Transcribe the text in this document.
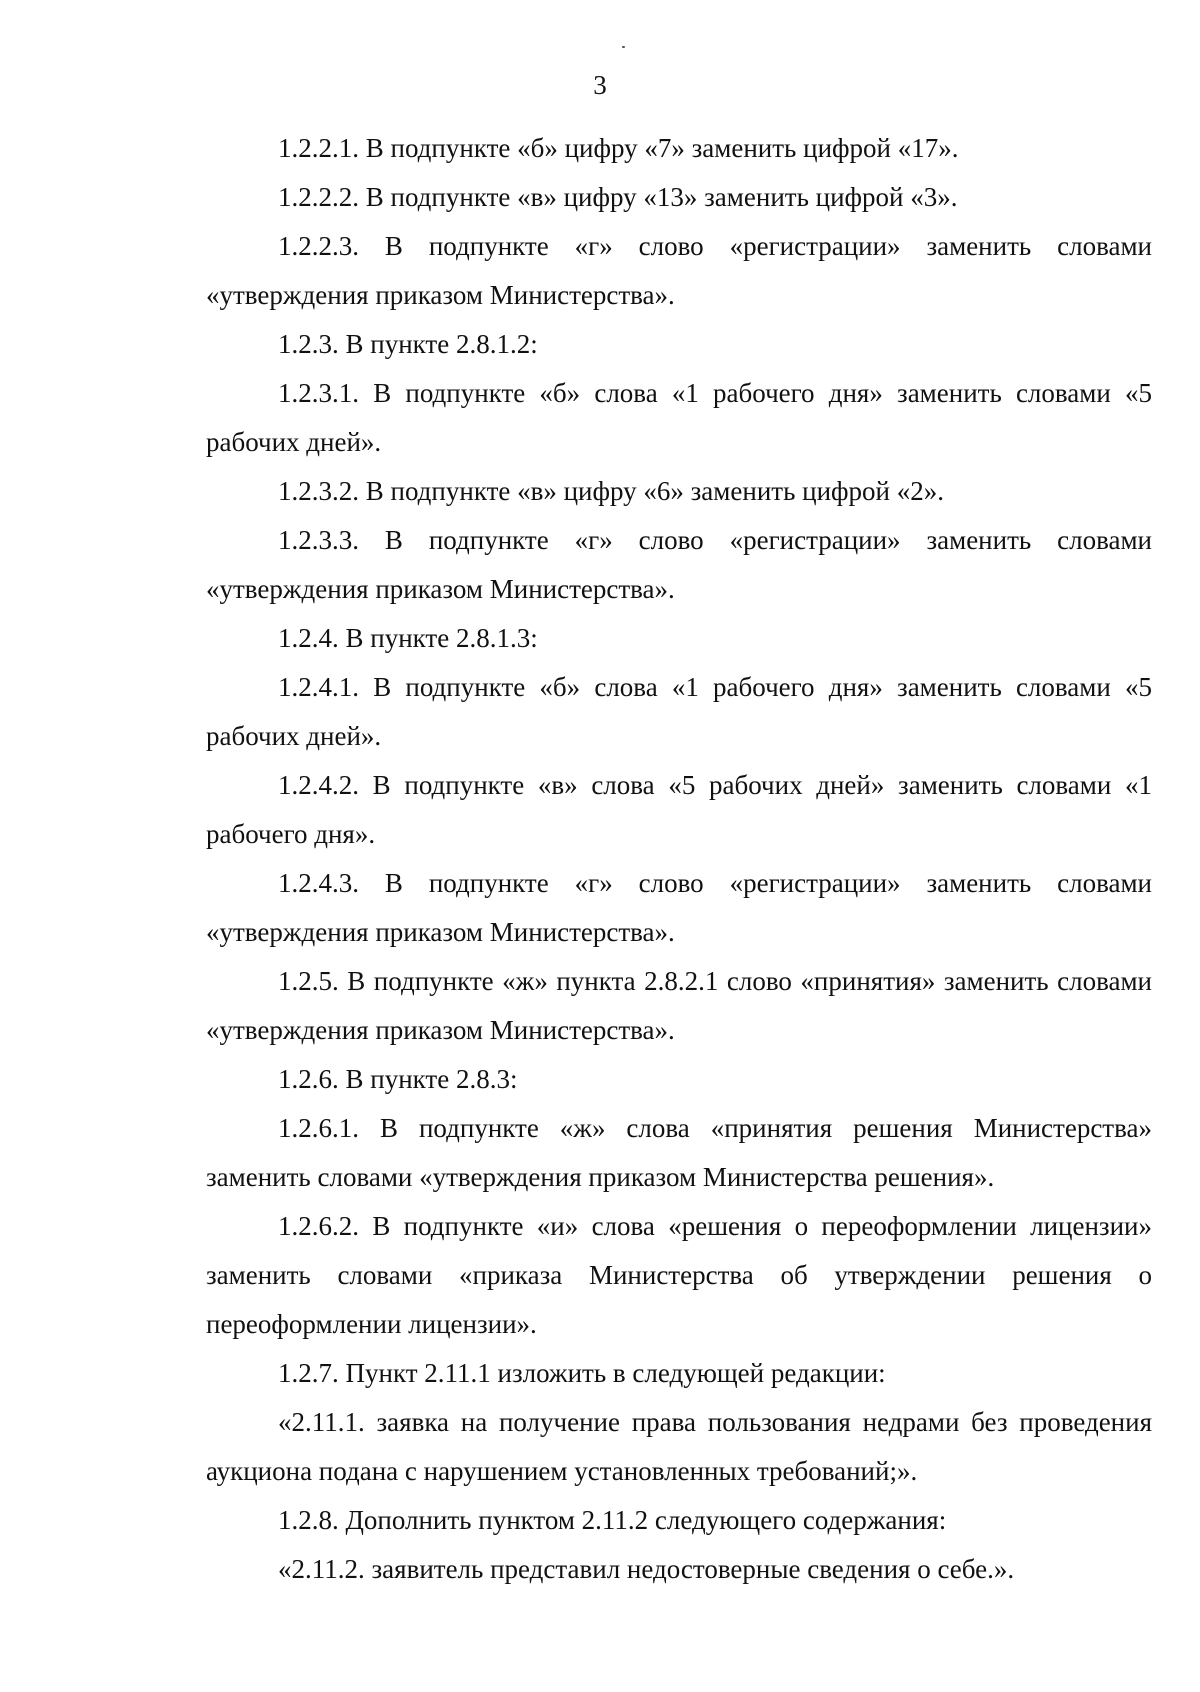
3

1.2.2.1. В подпункте «б» цифру «7» заменить цифрой «17».

1.2.2.2. В подпункте «в» цифру «13» заменить цифрой «3».

1.2.2.3. В подпункте «г» слово «регистрации» заменить словами «утверждения приказом Министерства».

1.2.3. В пункте 2.8.1.2:

1.2.3.1. В подпункте «б» слова «1 рабочего дня» заменить словами «5 рабочих дней».

1.2.3.2. В подпункте «в» цифру «6» заменить цифрой «2».

1.2.3.3. В подпункте «г» слово «регистрации» заменить словами «утверждения приказом Министерства».

1.2.4. В пункте 2.8.1.3:

1.2.4.1. В подпункте «б» слова «1 рабочего дня» заменить словами «5 рабочих дней».

1.2.4.2. В подпункте «в» слова «5 рабочих дней» заменить словами «1 рабочего дня».

1.2.4.3. В подпункте «г» слово «регистрации» заменить словами «утверждения приказом Министерства».

1.2.5. В подпункте «ж» пункта 2.8.2.1 слово «принятия» заменить словами «утверждения приказом Министерства».

1.2.6. В пункте 2.8.3:

1.2.6.1. В подпункте «ж» слова «принятия решения Министерства» заменить словами «утверждения приказом Министерства решения».

1.2.6.2. В подпункте «и» слова «решения о переоформлении лицензии» заменить словами «приказа Министерства об утверждении решения о переоформлении лицензии».

1.2.7. Пункт 2.11.1 изложить в следующей редакции:

«2.11.1. заявка на получение права пользования недрами без проведения аукциона подана с нарушением установленных требований;».

1.2.8. Дополнить пунктом 2.11.2 следующего содержания:

«2.11.2. заявитель представил недостоверные сведения о себе.».
